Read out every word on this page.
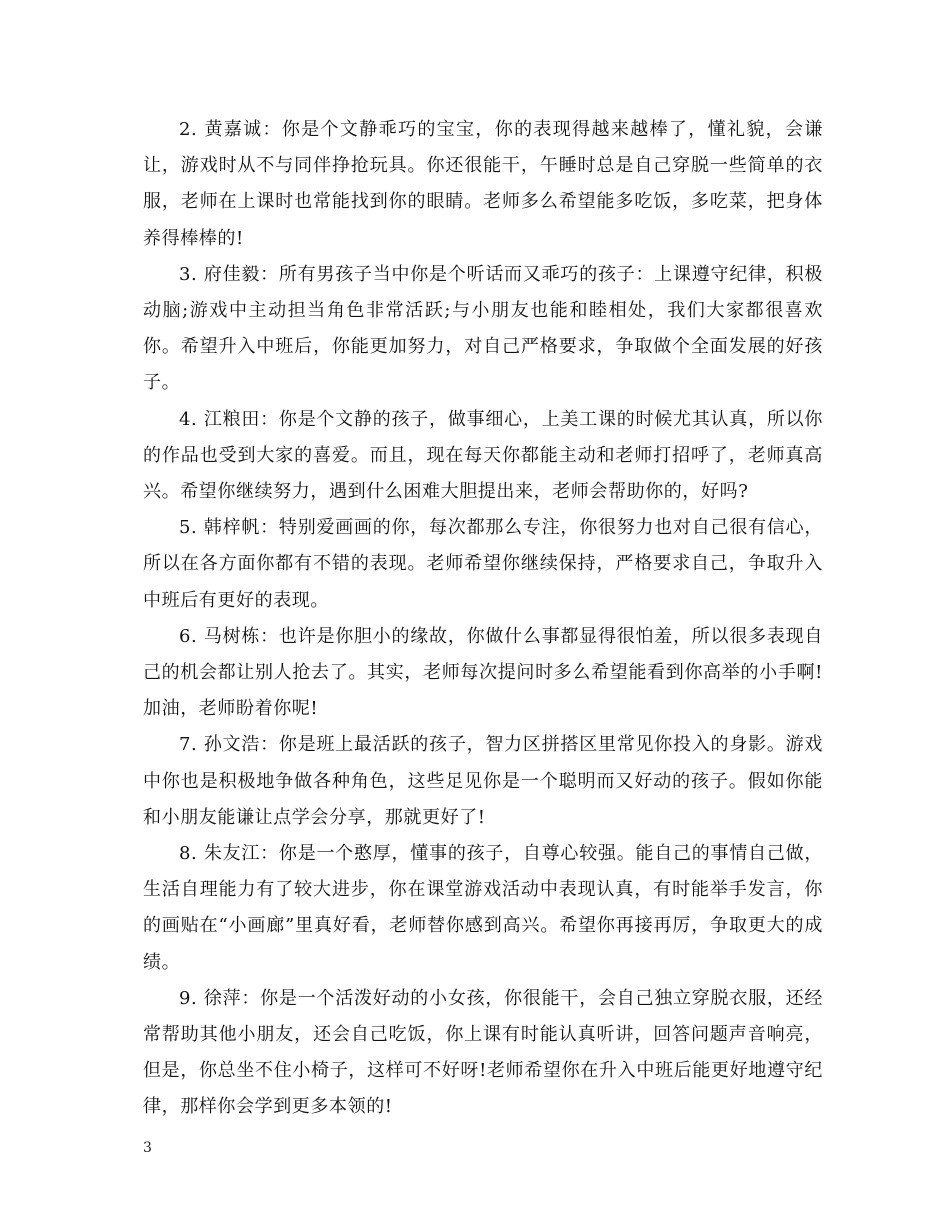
2. 黄嘉诚：你是个文静乖巧的宝宝，你的表现得越来越棒了，懂礼貌，会谦让，游戏时从不与同伴挣抢玩具。你还很能干，午睡时总是自己穿脱一些简单的衣服，老师在上课时也常能找到你的眼睛。老师多么希望能多吃饭，多吃菜，把身体养得棒棒的!

3. 府佳毅：所有男孩子当中你是个听话而又乖巧的孩子：上课遵守纪律，积极动脑;游戏中主动担当角色非常活跃;与小朋友也能和睦相处，我们大家都很喜欢你。希望升入中班后，你能更加努力，对自己严格要求，争取做个全面发展的好孩子。

4. 江粮田：你是个文静的孩子，做事细心，上美工课的时候尤其认真，所以你的作品也受到大家的喜爱。而且，现在每天你都能主动和老师打招呼了，老师真高兴。希望你继续努力，遇到什么困难大胆提出来，老师会帮助你的，好吗?

5. 韩梓帆：特别爱画画的你，每次都那么专注，你很努力也对自己很有信心，所以在各方面你都有不错的表现。老师希望你继续保持，严格要求自己，争取升入中班后有更好的表现。

6. 马树栋：也许是你胆小的缘故，你做什么事都显得很怕羞，所以很多表现自己的机会都让别人抢去了。其实，老师每次提问时多么希望能看到你高举的小手啊!加油，老师盼着你呢!

7. 孙文浩：你是班上最活跃的孩子，智力区拼搭区里常见你投入的身影。游戏中你也是积极地争做各种角色，这些足见你是一个聪明而又好动的孩子。假如你能和小朋友能谦让点学会分享，那就更好了!

8. 朱友江：你是一个憨厚，懂事的孩子，自尊心较强。能自己的事情自己做，生活自理能力有了较大进步，你在课堂游戏活动中表现认真，有时能举手发言，你的画贴在“小画廊”里真好看，老师替你感到高兴。希望你再接再厉，争取更大的成绩。

9. 徐萍：你是一个活泼好动的小女孩，你很能干，会自己独立穿脱衣服，还经常帮助其他小朋友，还会自己吃饭，你上课有时能认真听讲，回答问题声音响亮，但是，你总坐不住小椅子，这样可不好呀!老师希望你在升入中班后能更好地遵守纪律，那样你会学到更多本领的!

3
